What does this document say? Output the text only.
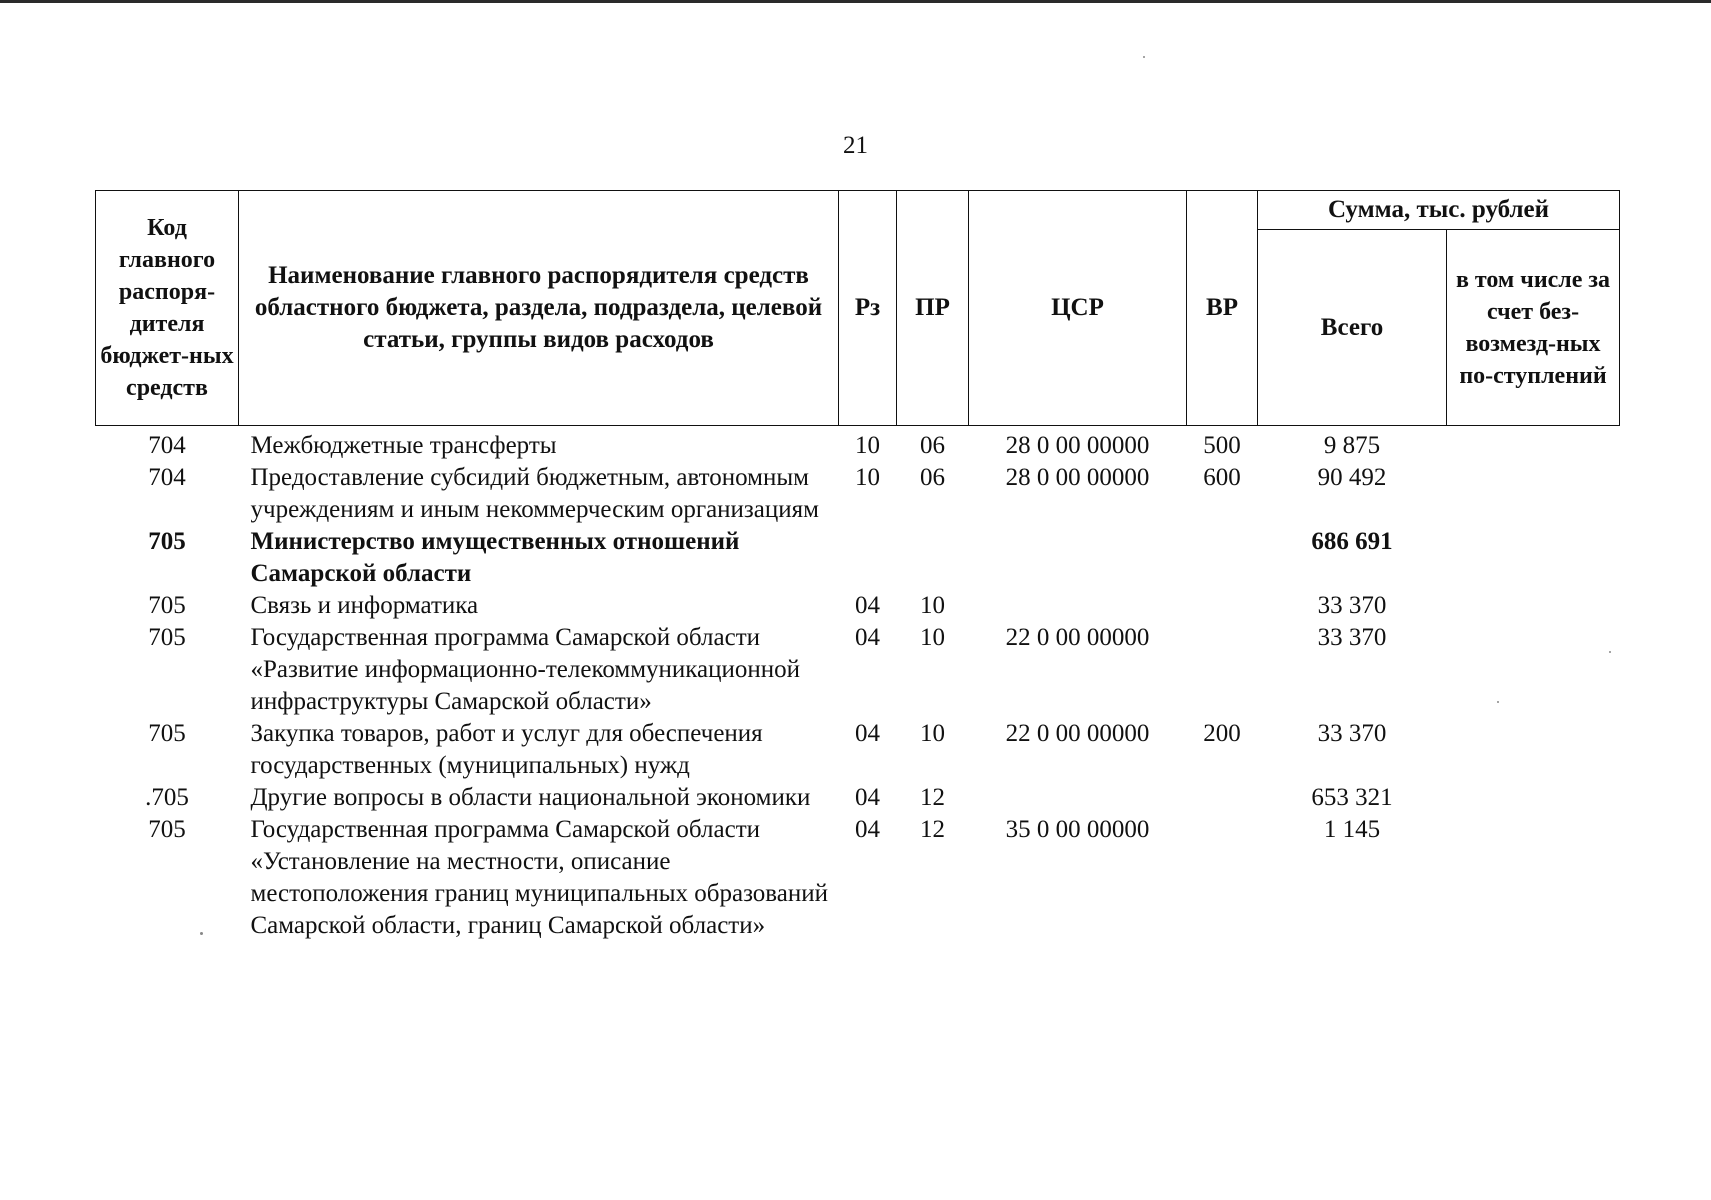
21
Код главного распоря-дителя бюджет-ных средств	Наименование главного распорядителя средств областного бюджета, раздела, подраздела, целевой статьи, группы видов расходов	Рз	ПР	ЦСР	ВР	Сумма, тыс. рублей	
						Всего	в том числе за счет без-возмезд-ных по-ступлений
704	Межбюджетные трансферты	10	06	28 0 00 00000	500	9 875	
704	Предоставление субсидий бюджетным, автономным учреждениям и иным некоммерческим организациям	10	06	28 0 00 00000	600	90 492	
705	Министерство имущественных отношений Самарской области					686 691	
705	Связь и информатика	04	10			33 370	
705	Государственная программа Самарской области «Развитие информационно-телекоммуникационной инфраструктуры Самарской области»	04	10	22 0 00 00000		33 370	
705	Закупка товаров, работ и услуг для обеспечения государственных (муниципальных) нужд	04	10	22 0 00 00000	200	33 370	
.705	Другие вопросы в области национальной экономики	04	12			653 321	
705	Государственная программа Самарской области «Установление на местности, описание местоположения границ муниципальных образований Самарской области, границ Самарской области»	04	12	35 0 00 00000		1 145	
